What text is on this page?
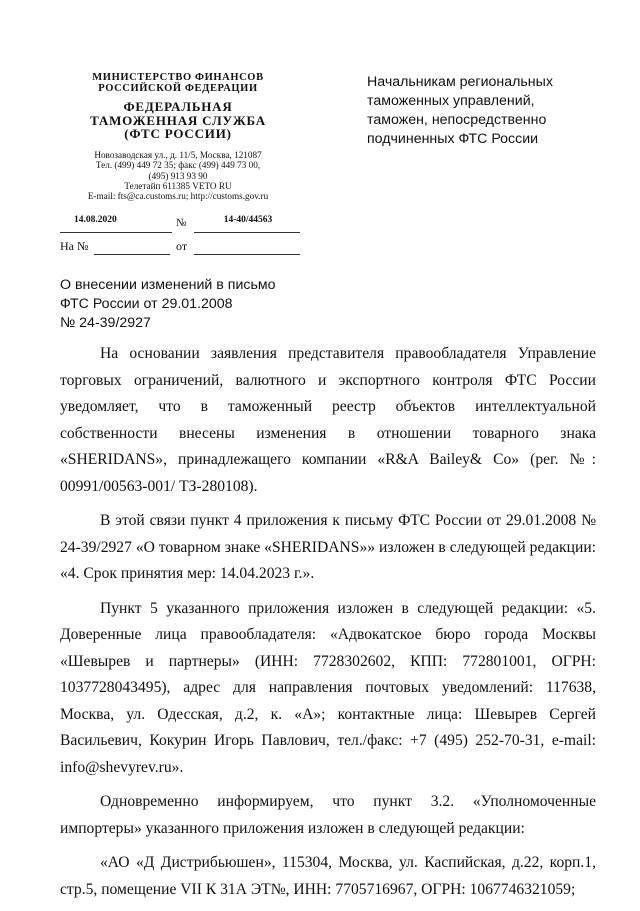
МИНИСТЕРСТВО ФИНАНСОВ
РОССИЙСКОЙ ФЕДЕРАЦИИ
ФЕДЕРАЛЬНАЯ
ТАМОЖЕННАЯ СЛУЖБА
(ФТС РОССИИ)
Новозаводская ул., д. 11/5, Москва, 121087
Тел. (499) 449 72 35; факс (499) 449 73 00,
(495) 913 93 90
Телетайп 611385 VETO RU
E-mail: fts@ca.customs.ru; http://customs.gov.ru
14.08.2020	№	14-40/44563
На №	от
Начальникам региональных таможенных управлений, таможен, непосредственно подчиненных ФТС России
О внесении изменений в письмо
ФТС России от 29.01.2008
№ 24-39/2927

На основании заявления представителя правообладателя Управление торговых ограничений, валютного и экспортного контроля ФТС России уведомляет, что в таможенный реестр объектов интеллектуальной собственности внесены изменения в отношении товарного знака «SHERIDANS», принадлежащего компании «R&A Bailey& Co» (рег. №: 00991/00563-001/ ТЗ-280108).

В этой связи пункт 4 приложения к письму ФТС России от 29.01.2008 № 24-39/2927 «О товарном знаке «SHERIDANS»» изложен в следующей редакции: «4. Срок принятия мер: 14.04.2023 г.».

Пункт 5 указанного приложения изложен в следующей редакции: «5. Доверенные лица правообладателя: «Адвокатское бюро города Москвы «Шевырев и партнеры» (ИНН: 7728302602, КПП: 772801001, ОГРН: 1037728043495), адрес для направления почтовых уведомлений: 117638, Москва, ул. Одесская, д.2, к. «А»; контактные лица: Шевырев Сергей Васильевич, Кокурин Игорь Павлович, тел./факс: +7 (495) 252-70-31, e-mail: info@shevyrev.ru».

Одновременно информируем, что пункт 3.2. «Уполномоченные импортеры» указанного приложения изложен в следующей редакции:

«АО «Д Дистрибьюшен», 115304, Москва, ул. Каспийская, д.22, корп.1, стр.5, помещение VII К 31А ЭТ№, ИНН: 7705716967, ОГРН: 1067746321059;
